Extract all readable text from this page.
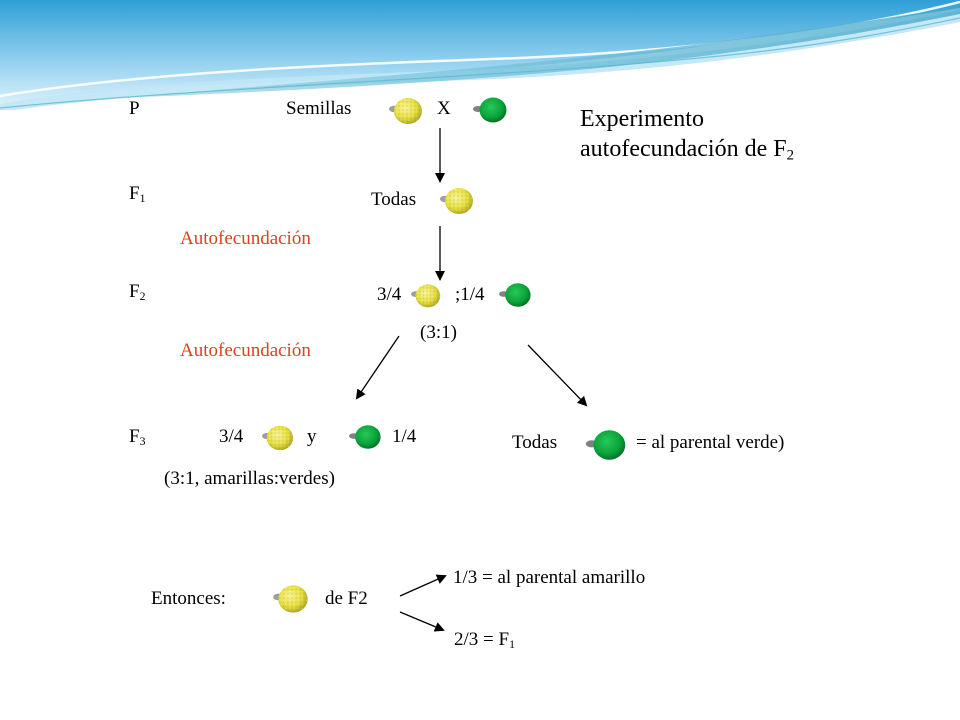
P	Semillas	X	Experimento
autofecundación de $F_2$
$F_1$	Todas
Autofecundación
$F_2$	3/4	;1/4
(3:1)
Autofecundación
$F_3$	3/4	y	1/4
(3:1, amarillas:verdes)
Todas	= al parental verde)
Entonces:	de F2
1/3 = al parental amarillo
$2/3 = F_1$
